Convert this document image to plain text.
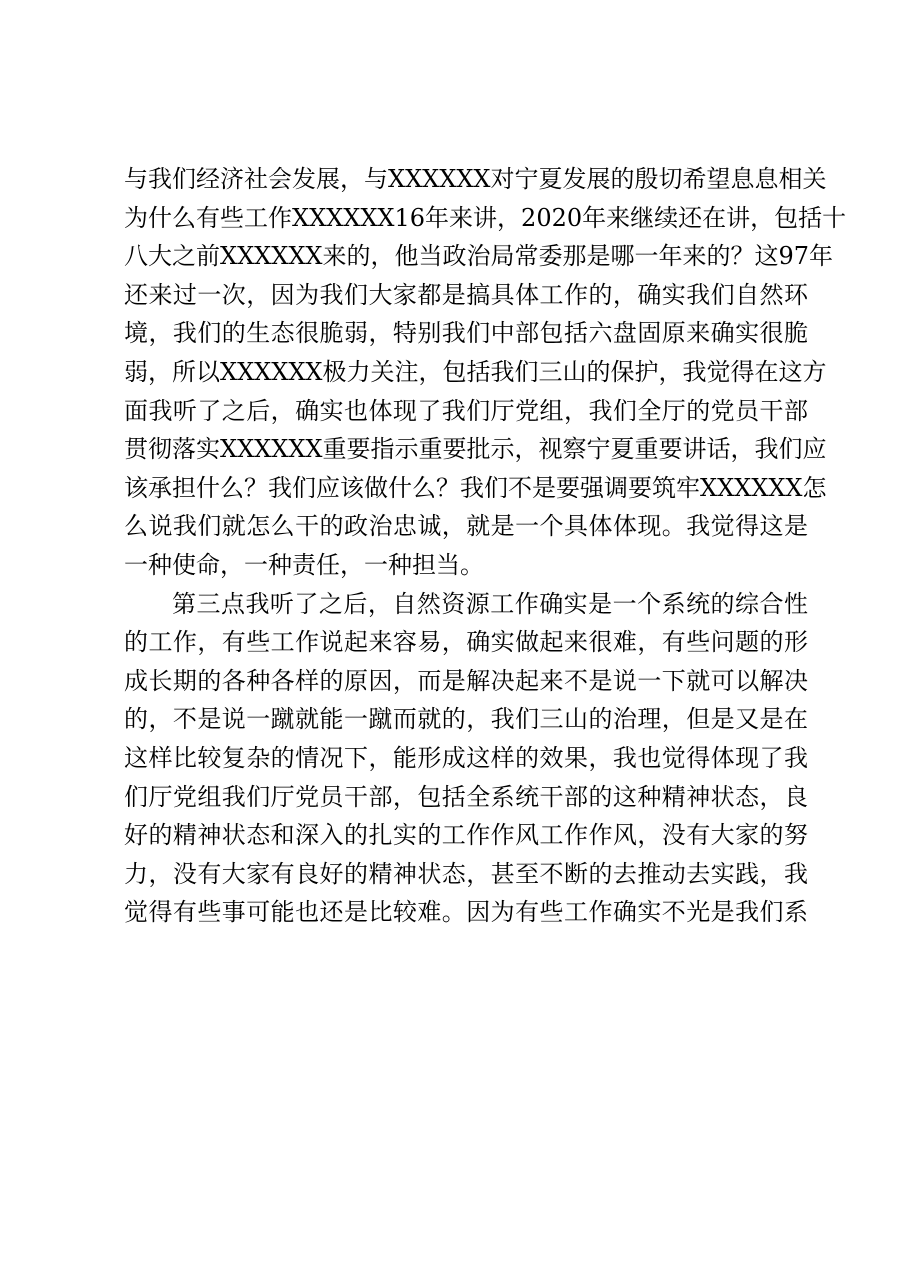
与我们经济社会发展，与XXXXXX对宁夏发展的殷切希望息息相关
为什么有些工作XXXXXX16年来讲，2020年来继续还在讲，包括十
八大之前XXXXXX来的，他当政治局常委那是哪一年来的？这97年
还来过一次，因为我们大家都是搞具体工作的，确实我们自然环
境，我们的生态很脆弱，特别我们中部包括六盘固原来确实很脆
弱，所以XXXXXX极力关注，包括我们三山的保护，我觉得在这方
面我听了之后，确实也体现了我们厅党组，我们全厅的党员干部
贯彻落实XXXXXX重要指示重要批示，视察宁夏重要讲话，我们应
该承担什么？我们应该做什么？我们不是要强调要筑牢XXXXXX怎
么说我们就怎么干的政治忠诚，就是一个具体体现。我觉得这是
一种使命，一种责任，一种担当。
第三点我听了之后，自然资源工作确实是一个系统的综合性
的工作，有些工作说起来容易，确实做起来很难，有些问题的形
成长期的各种各样的原因，而是解决起来不是说一下就可以解决
的，不是说一蹴就能一蹴而就的，我们三山的治理，但是又是在
这样比较复杂的情况下，能形成这样的效果，我也觉得体现了我
们厅党组我们厅党员干部，包括全系统干部的这种精神状态，良
好的精神状态和深入的扎实的工作作风工作作风，没有大家的努
力，没有大家有良好的精神状态，甚至不断的去推动去实践，我
觉得有些事可能也还是比较难。因为有些工作确实不光是我们系
